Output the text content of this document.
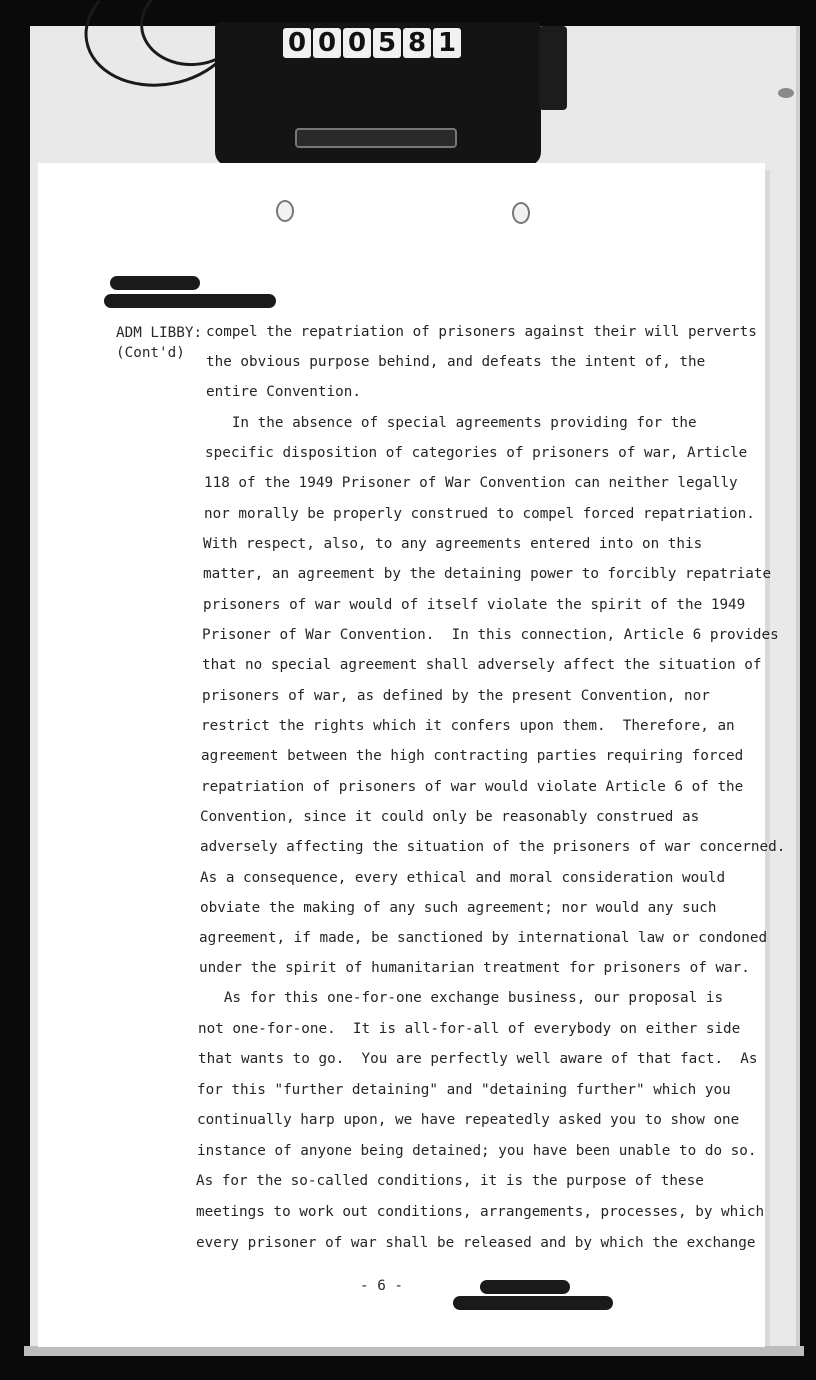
0 0 0 5 8 1
ADM LIBBY:
(Cont'd)
compel the repatriation of prisoners against their will perverts
the obvious purpose behind, and defeats the intent of, the
entire Convention.
In the absence of special agreements providing for the
specific disposition of categories of prisoners of war, Article
118 of the 1949 Prisoner of War Convention can neither legally
nor morally be properly construed to compel forced repatriation.
With respect, also, to any agreements entered into on this
matter, an agreement by the detaining power to forcibly repatriate
prisoners of war would of itself violate the spirit of the 1949
Prisoner of War Convention.  In this connection, Article 6 provides
that no special agreement shall adversely affect the situation of
prisoners of war, as defined by the present Convention, nor
restrict the rights which it confers upon them.  Therefore, an
agreement between the high contracting parties requiring forced
repatriation of prisoners of war would violate Article 6 of the
Convention, since it could only be reasonably construed as
adversely affecting the situation of the prisoners of war concerned.
As a consequence, every ethical and moral consideration would
obviate the making of any such agreement; nor would any such
agreement, if made, be sanctioned by international law or condoned
under the spirit of humanitarian treatment for prisoners of war.
As for this one-for-one exchange business, our proposal is
not one-for-one.  It is all-for-all of everybody on either side
that wants to go.  You are perfectly well aware of that fact.  As
for this "further detaining" and "detaining further" which you
continually harp upon, we have repeatedly asked you to show one
instance of anyone being detained; you have been unable to do so.
As for the so-called conditions, it is the purpose of these
meetings to work out conditions, arrangements, processes, by which
every prisoner of war shall be released and by which the exchange
- 6 -
